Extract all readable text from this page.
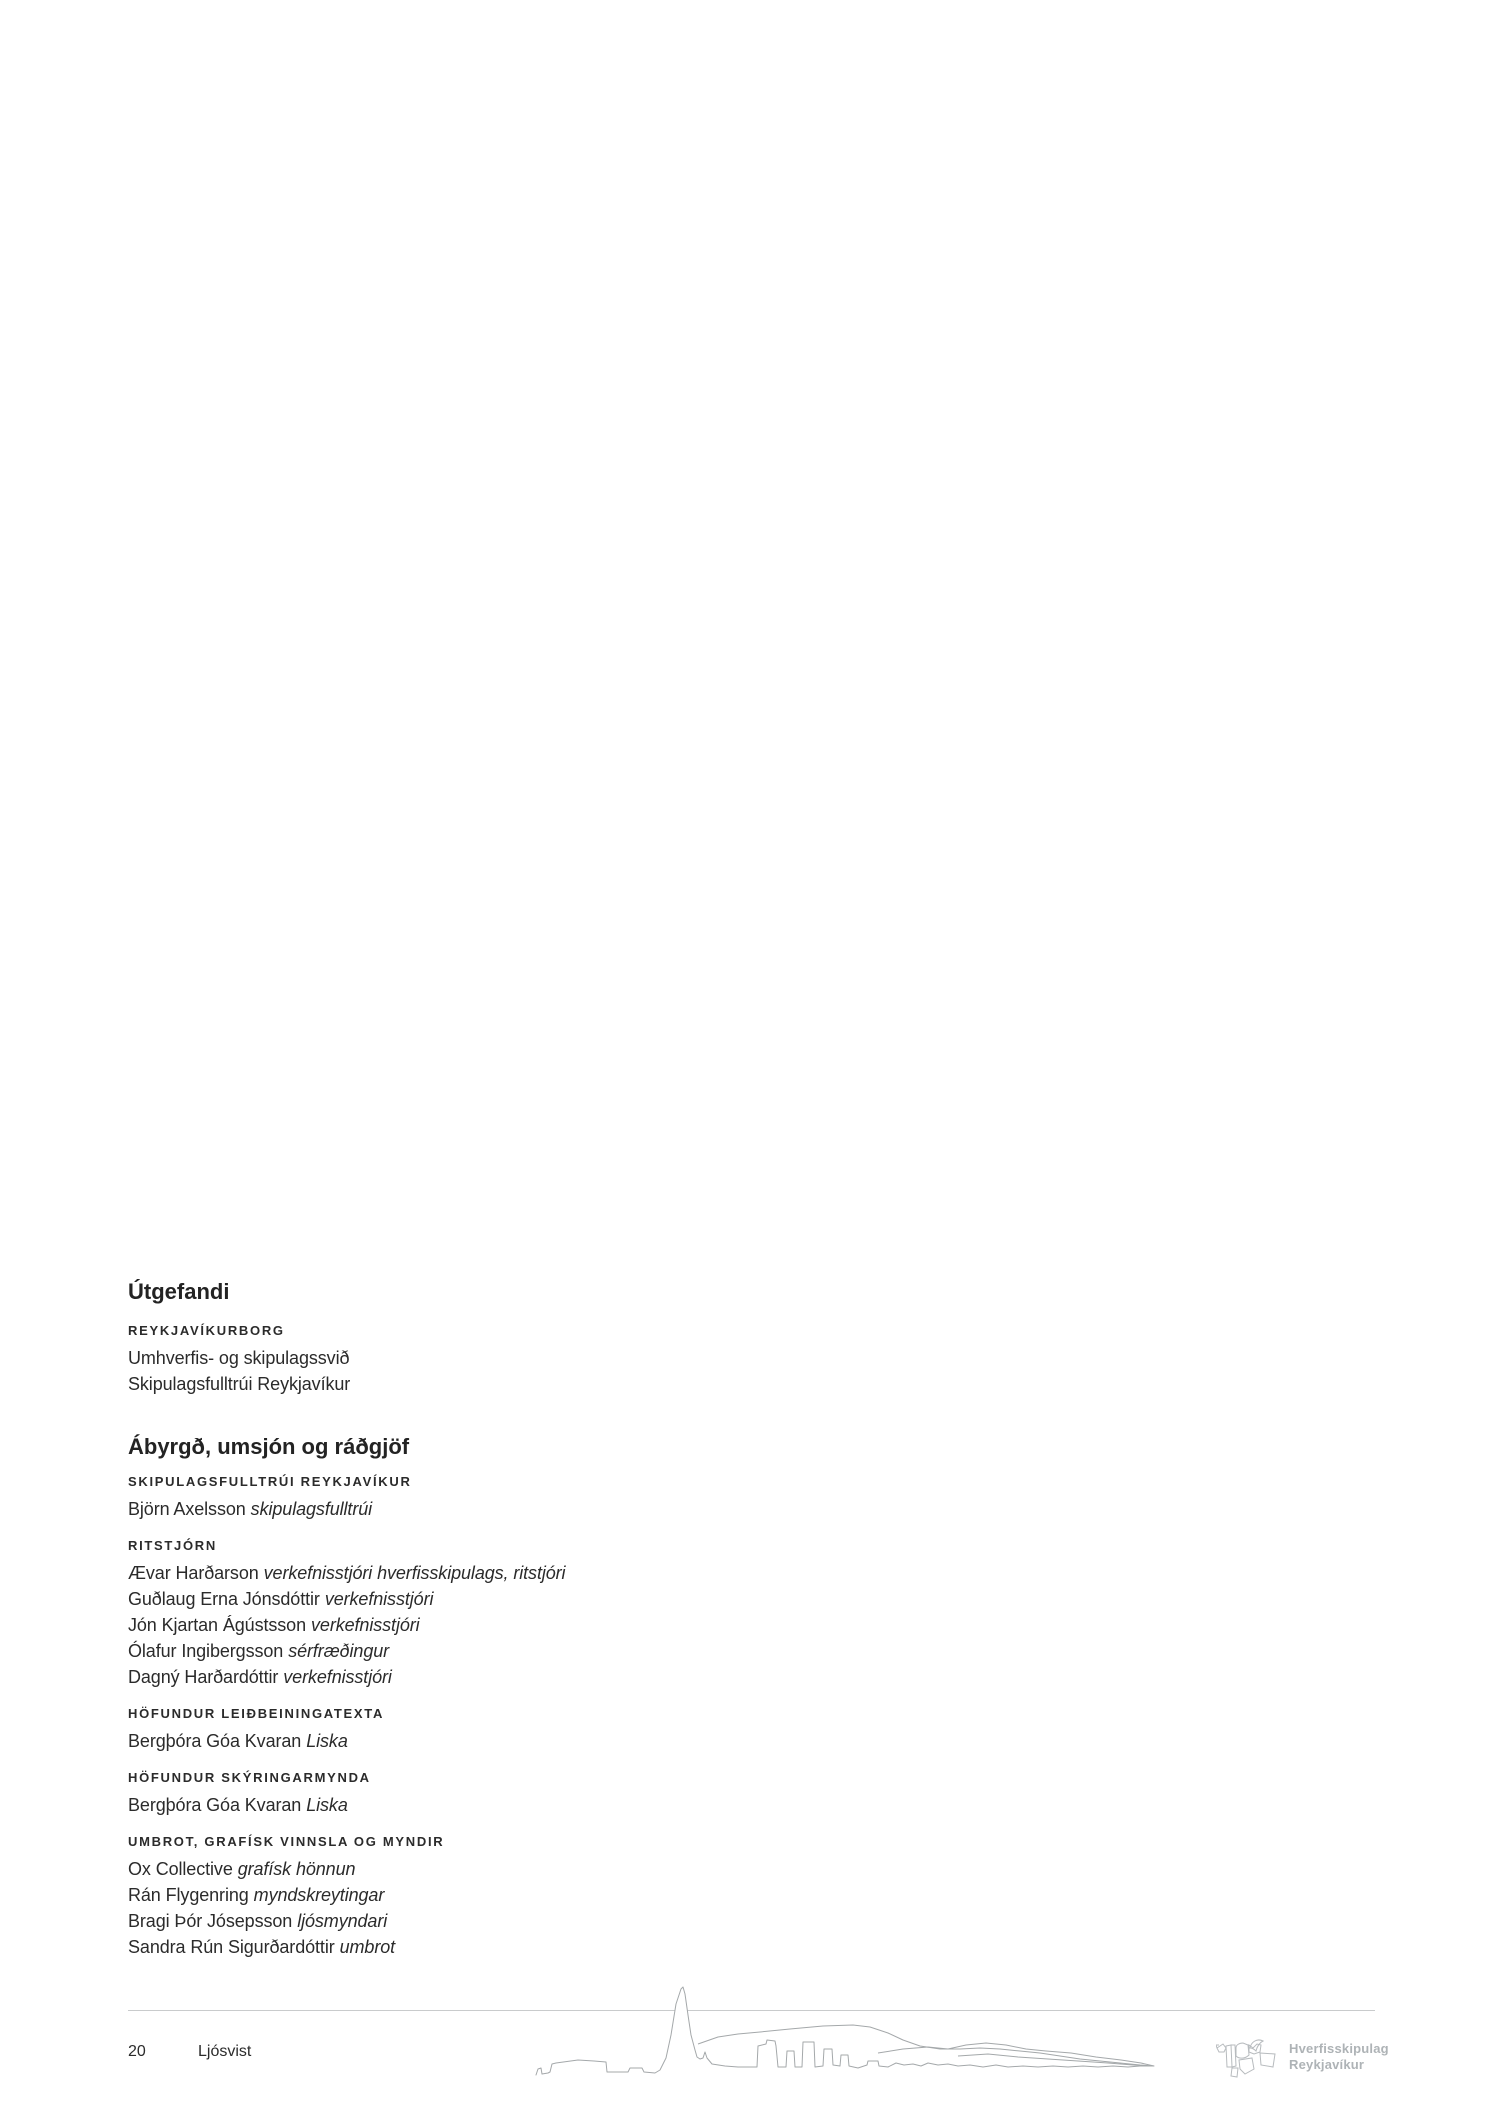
Útgefandi
REYKJAVÍKURBORG
Umhverfis- og skipulagssvið
Skipulagsfulltrúi Reykjavíkur
Ábyrgð, umsjón og ráðgjöf
SKIPULAGSFULLTRÚI REYKJAVÍKUR
Björn Axelsson skipulagsfulltrúi
RITSTJÓRN
Ævar Harðarson verkefnisstjóri hverfisskipulags, ritstjóri
Guðlaug Erna Jónsdóttir verkefnisstjóri
Jón Kjartan Ágústsson verkefnisstjóri
Ólafur Ingibergsson sérfræðingur
Dagný Harðardóttir verkefnisstjóri
HÖFUNDUR LEIÐBEININGATEXTA
Bergþóra Góa Kvaran Liska
HÖFUNDUR SKÝRINGARMYNDA
Bergþóra Góa Kvaran Liska
UMBROT, GRAFÍSK VINNSLA OG MYNDIR
Ox Collective grafísk hönnun
Rán Flygenring myndskreytingar
Bragi Þór Jósepsson ljósmyndari
Sandra Rún Sigurðardóttir umbrot
20	Ljósvist	Hverfisskipulag
Reykjavíkur
